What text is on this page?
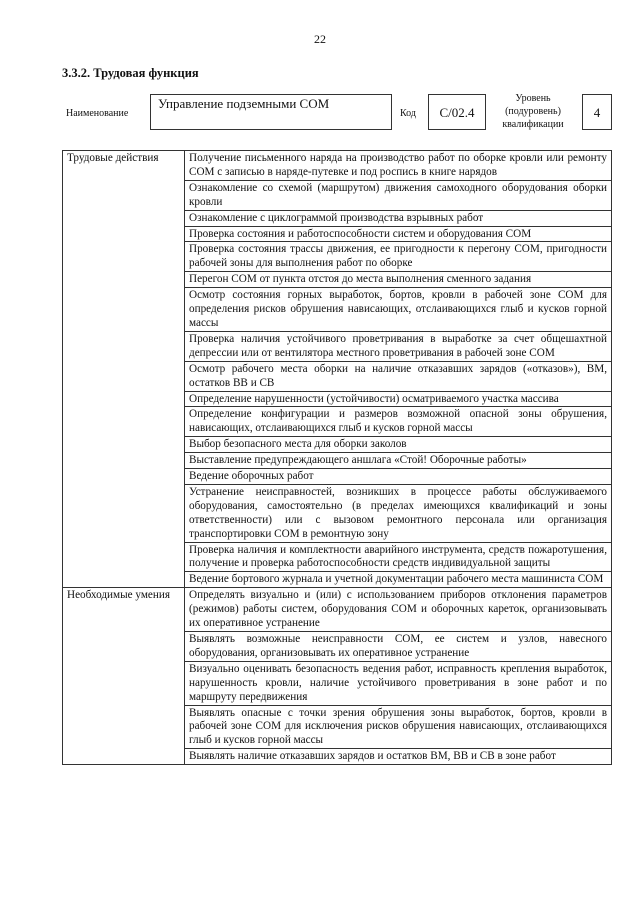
22
3.3.2. Трудовая функция
Наименование
Управление подземными СОМ
Код	С/02.4
Уровень
(подуровень)
квалификации
4
Трудовые действия	Получение письменного наряда на производство работ по оборке кровли или ремонту СОМ с записью в наряде-путевке и под роспись в книге нарядов
	Ознакомление со схемой (маршрутом) движения самоходного оборудования оборки кровли
	Ознакомление с циклограммой производства взрывных работ
	Проверка состояния и работоспособности систем и оборудования СОМ
	Проверка состояния трассы движения, ее пригодности к перегону СОМ, пригодности рабочей зоны для выполнения работ по оборке
	Перегон СОМ от пункта отстоя до места выполнения сменного задания
	Осмотр состояния горных выработок, бортов, кровли в рабочей зоне СОМ для определения рисков обрушения нависающих, отслаивающихся глыб и кусков горной массы
	Проверка наличия устойчивого проветривания в выработке за счет общешахтной депрессии или от вентилятора местного проветривания в рабочей зоне СОМ
	Осмотр рабочего места оборки на наличие отказавших зарядов («отказов»), ВМ, остатков ВВ и СВ
	Определение нарушенности (устойчивости) осматриваемого участка массива
	Определение конфигурации и размеров возможной опасной зоны обрушения, нависающих, отслаивающихся глыб и кусков горной массы
	Выбор безопасного места для оборки заколов
	Выставление предупреждающего аншлага «Стой! Оборочные работы»
	Ведение оборочных работ
	Устранение неисправностей, возникших в процессе работы обслуживаемого оборудования, самостоятельно (в пределах имеющихся квалификаций и зоны ответственности) или с вызовом ремонтного персонала или организация транспортировки СОМ в ремонтную зону
	Проверка наличия и комплектности аварийного инструмента, средств пожаротушения, получение и проверка работоспособности средств индивидуальной защиты
	Ведение бортового журнала и учетной документации рабочего места машиниста СОМ
Необходимые умения	Определять визуально и (или) с использованием приборов отклонения параметров (режимов) работы систем, оборудования СОМ и оборочных кареток, организовывать их оперативное устранение
	Выявлять возможные неисправности СОМ, ее систем и узлов, навесного оборудования, организовывать их оперативное устранение
	Визуально оценивать безопасность ведения работ, исправность крепления выработок, нарушенность кровли, наличие устойчивого проветривания в зоне работ и по маршруту передвижения
	Выявлять опасные с точки зрения обрушения зоны выработок, бортов, кровли в рабочей зоне СОМ для исключения рисков обрушения нависающих, отслаивающихся глыб и кусков горной массы
	Выявлять наличие отказавших зарядов и остатков ВМ, ВВ и СВ в зоне работ
